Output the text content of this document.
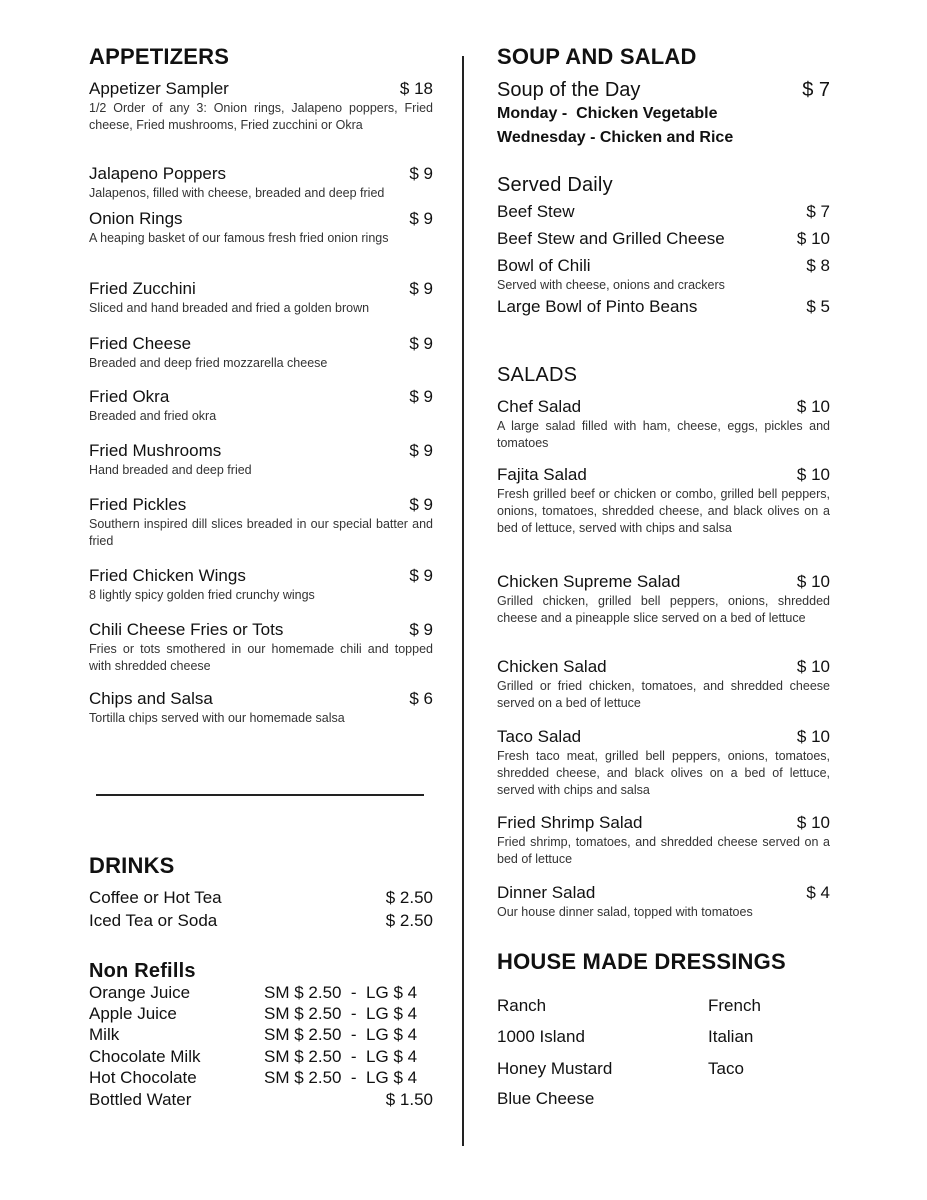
APPETIZERS
Appetizer Sampler	$ 18
1/2 Order of any 3: Onion rings, Jalapeno poppers, Fried cheese, Fried mushrooms, Fried zucchini or Okra
Jalapeno Poppers	$ 9
Jalapenos, filled with cheese, breaded and deep fried
Onion Rings	$ 9
A heaping basket of our famous fresh fried onion rings
Fried Zucchini	$ 9
Sliced and hand breaded and fried a golden brown
Fried Cheese	$ 9
Breaded and deep fried mozzarella cheese
Fried Okra	$ 9
Breaded and fried okra
Fried Mushrooms	$ 9
Hand breaded and deep fried
Fried Pickles	$ 9
Southern inspired dill slices breaded in our special batter and fried
Fried Chicken Wings	$ 9
8 lightly spicy golden fried crunchy wings
Chili Cheese Fries or Tots	$ 9
Fries or tots smothered in our homemade chili and topped with shredded cheese
Chips and Salsa	$ 6
Tortilla chips served with our homemade salsa
DRINKS
Coffee or Hot Tea	$ 2.50
Iced Tea or Soda	$ 2.50
Non Refills
Orange Juice	SM $ 2.50  -  LG $ 4
Apple Juice	SM $ 2.50  -  LG $ 4
Milk	SM $ 2.50  -  LG $ 4
Chocolate Milk	SM $ 2.50  -  LG $ 4
Hot Chocolate	SM $ 2.50  -  LG $ 4
Bottled Water	$ 1.50
SOUP AND SALAD
Soup of the Day	$ 7
Monday -  Chicken Vegetable
Wednesday - Chicken and Rice
Served Daily
Beef Stew	$ 7
Beef Stew and Grilled Cheese	$ 10
Bowl of Chili	$ 8
Served with cheese, onions and crackers
Large Bowl of Pinto Beans	$ 5
SALADS
Chef Salad	$ 10
A large salad filled with ham, cheese, eggs, pickles and tomatoes
Fajita Salad	$ 10
Fresh grilled beef or chicken or combo, grilled bell peppers, onions, tomatoes, shredded cheese, and black olives on a bed of lettuce, served with chips and salsa
Chicken Supreme Salad	$ 10
Grilled chicken, grilled bell peppers, onions, shredded cheese and a pineapple slice served on a bed of lettuce
Chicken Salad	$ 10
Grilled or fried chicken, tomatoes, and shredded cheese served on a bed of lettuce
Taco Salad	$ 10
Fresh taco meat, grilled bell peppers, onions, tomatoes, shredded cheese, and black olives on a bed of lettuce, served with chips and salsa
Fried Shrimp Salad	$ 10
Fried shrimp, tomatoes, and shredded cheese served on a bed of lettuce
Dinner Salad	$ 4
Our house dinner salad, topped with tomatoes
HOUSE MADE DRESSINGS
Ranch	French
1000 Island	Italian
Honey Mustard	Taco
Blue Cheese
